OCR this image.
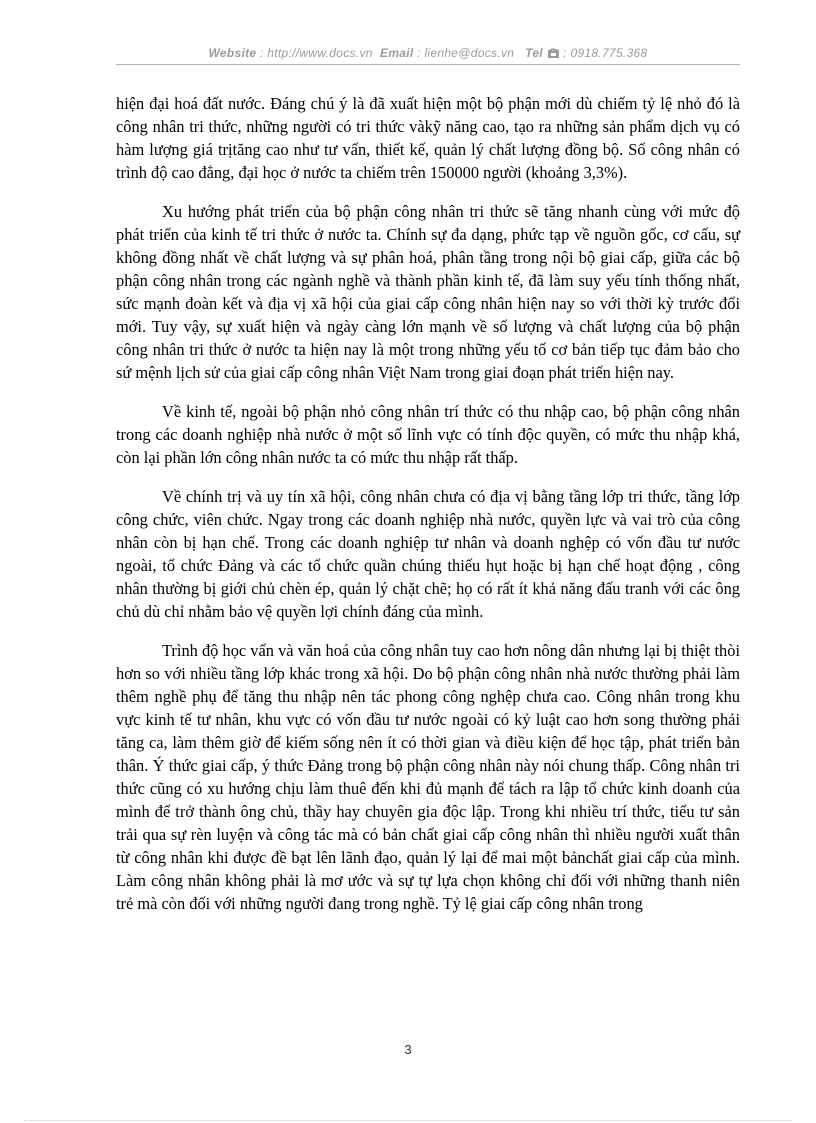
Website : http://www.docs.vn Email : lienhe@docs.vn Tel : 0918.775.368

hiện đại hoá đất nước. Đáng chú ý là đã xuất hiện một bộ phận mới dù chiếm tỷ lệ nhỏ đó là công nhân tri thức, những người có tri thức vàkỹ năng cao, tạo ra những sản phẩm dịch vụ có hàm lượng giá trịtăng cao như tư vấn, thiết kế, quản lý chất lượng đồng bộ. Số công nhân có trình độ cao đẳng, đại học ở nước ta chiếm trên 150000 người (khoảng 3,3%).

Xu hướng phát triển của bộ phận công nhân tri thức sẽ tăng nhanh cùng với mức độ phát triển của kinh tế tri thức ở nước ta. Chính sự đa dạng, phức tạp về nguồn gốc, cơ cấu, sự không đồng nhất về chất lượng và sự phân hoá, phân tầng trong nội bộ giai cấp, giữa các bộ phận công nhân trong các ngành nghề và thành phần kinh tế, đã làm suy yếu tính thống nhất, sức mạnh đoàn kết và địa vị xã hội của giai cấp công nhân hiện nay so với thời kỳ trước đổi mới. Tuy vậy, sự xuất hiện và ngày càng lớn mạnh về số lượng và chất lượng của bộ phận công nhân tri thức ở nước ta hiện nay là một trong những yếu tố cơ bản tiếp tục đảm bảo cho sứ mệnh lịch sử của giai cấp công nhân Việt Nam trong giai đoạn phát triển hiện nay.

Về kinh tế, ngoài bộ phận nhỏ công nhân trí thức có thu nhập cao, bộ phận công nhân trong các doanh nghiệp nhà nước ở một số lĩnh vực có tính độc quyền, có mức thu nhập khá, còn lại phần lớn công nhân nước ta có mức thu nhập rất thấp.

Về chính trị và uy tín xã hội, công nhân chưa có địa vị bằng tầng lớp tri thức, tầng lớp công chức, viên chức. Ngay trong các doanh nghiệp nhà nước, quyền lực và vai trò của công nhân còn bị hạn chế. Trong các doanh nghiệp tư nhân và doanh nghệp có vốn đầu tư nước ngoài, tổ chức Đảng và các tổ chức quần chúng thiếu hụt hoặc bị hạn chế hoạt động , công nhân thường bị giới chủ chèn ép, quản lý chặt chẽ; họ có rất ít khả năng đấu tranh với các ông chủ dù chỉ nhằm bảo vệ quyền lợi chính đáng của mình.

Trình độ học vấn và văn hoá của công nhân tuy cao hơn nông dân nhưng lại bị thiệt thòi hơn so với nhiều tầng lớp khác trong xã hội. Do bộ phận công nhân nhà nước thường phải làm thêm nghề phụ để tăng thu nhập nên tác phong công nghệp chưa cao. Công nhân trong khu vực kinh tế tư nhân, khu vực có vốn đầu tư nước ngoài có kỷ luật cao hơn song thường phải tăng ca, làm thêm giờ để kiếm sống nên ít có thời gian và điều kiện để học tập, phát triển bản thân. Ý thức giai cấp, ý thức Đảng trong bộ phận công nhân này nói chung thấp. Công nhân tri thức cũng có xu hướng chịu làm thuê đến khi đủ mạnh để tách ra lập tổ chức kinh doanh của mình để trở thành ông chủ, thầy hay chuyên gia độc lập. Trong khi nhiều trí thức, tiểu tư sản trải qua sự rèn luyện và công tác mà có bản chất giai cấp công nhân thì nhiều người xuất thân từ công nhân khi được đề bạt lên lãnh đạo, quản lý lại để mai một bảnchất giai cấp của mình. Làm công nhân không phải là mơ ước và sự tự lựa chọn không chỉ đối với những thanh niên trẻ mà còn đối với những người đang trong nghề. Tỷ lệ giai cấp công nhân trong

3
